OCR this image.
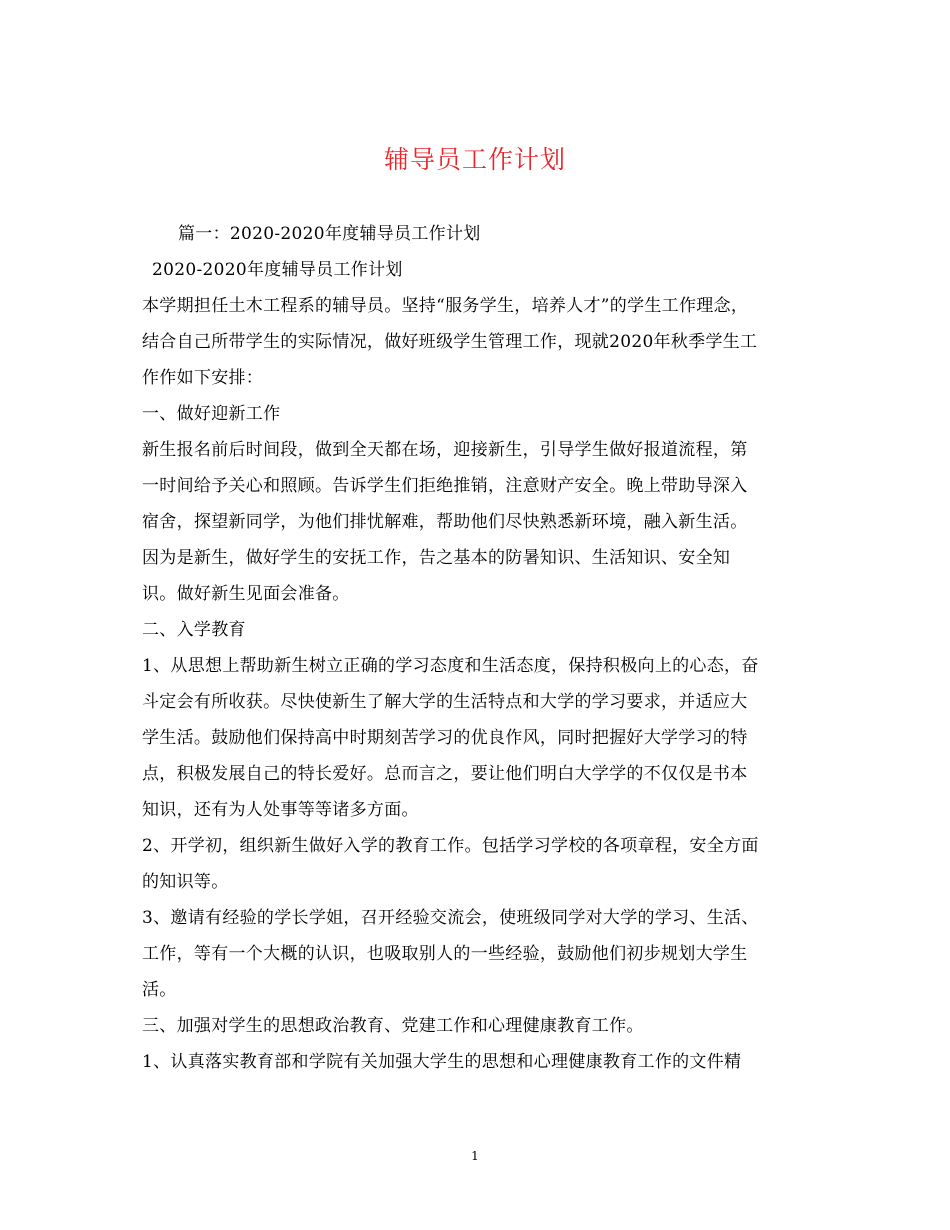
辅导员工作计划
篇一：2020-2020年度辅导员工作计划
2020-2020年度辅导员工作计划
本学期担任土木工程系的辅导员。坚持“服务学生，培养人才”的学生工作理念，
结合自己所带学生的实际情况，做好班级学生管理工作，现就2020年秋季学生工
作作如下安排：
一、做好迎新工作
新生报名前后时间段，做到全天都在场，迎接新生，引导学生做好报道流程，第
一时间给予关心和照顾。告诉学生们拒绝推销，注意财产安全。晚上带助导深入
宿舍，探望新同学，为他们排忧解难，帮助他们尽快熟悉新环境，融入新生活。
因为是新生，做好学生的安抚工作，告之基本的防暑知识、生活知识、安全知
识。做好新生见面会准备。
二、入学教育
1、从思想上帮助新生树立正确的学习态度和生活态度，保持积极向上的心态，奋
斗定会有所收获。尽快使新生了解大学的生活特点和大学的学习要求，并适应大
学生活。鼓励他们保持高中时期刻苦学习的优良作风，同时把握好大学学习的特
点，积极发展自己的特长爱好。总而言之，要让他们明白大学学的不仅仅是书本
知识，还有为人处事等等诸多方面。
2、开学初，组织新生做好入学的教育工作。包括学习学校的各项章程，安全方面
的知识等。
3、邀请有经验的学长学姐，召开经验交流会，使班级同学对大学的学习、生活、
工作，等有一个大概的认识，也吸取别人的一些经验，鼓励他们初步规划大学生
活。
三、加强对学生的思想政治教育、党建工作和心理健康教育工作。
1、认真落实教育部和学院有关加强大学生的思想和心理健康教育工作的文件精
1
